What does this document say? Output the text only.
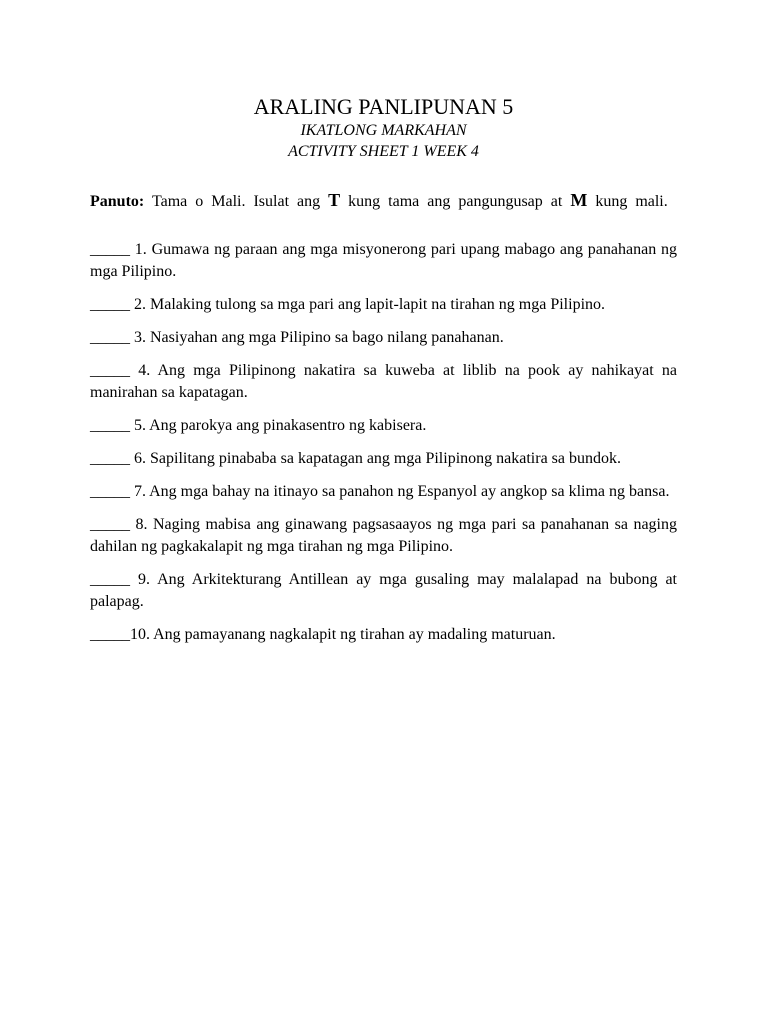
ARALING PANLIPUNAN 5

IKATLONG MARKAHAN

ACTIVITY SHEET 1 WEEK 4

Panuto: Tama o Mali. Isulat ang T kung tama ang pangungusap at M kung mali.

_____ 1. Gumawa ng paraan ang mga misyonerong pari upang mabago ang panahanan ng mga Pilipino.
_____ 2. Malaking tulong sa mga pari ang lapit-lapit na tirahan ng mga Pilipino.
_____ 3. Nasiyahan ang mga Pilipino sa bago nilang panahanan.
_____ 4. Ang mga Pilipinong nakatira sa kuweba at liblib na pook ay nahikayat na manirahan sa kapatagan.
_____ 5. Ang parokya ang pinakasentro ng kabisera.
_____ 6. Sapilitang pinababa sa kapatagan ang mga Pilipinong nakatira sa bundok.
_____ 7. Ang mga bahay na itinayo sa panahon ng Espanyol ay angkop sa klima ng bansa.
_____ 8. Naging mabisa ang ginawang pagsasaayos ng mga pari sa panahanan sa naging dahilan ng pagkakalapit ng mga tirahan ng mga Pilipino.
_____ 9. Ang Arkitekturang Antillean ay mga gusaling may malalapad na bubong at palapag.
_____10. Ang pamayanang nagkalapit ng tirahan ay madaling maturuan.
